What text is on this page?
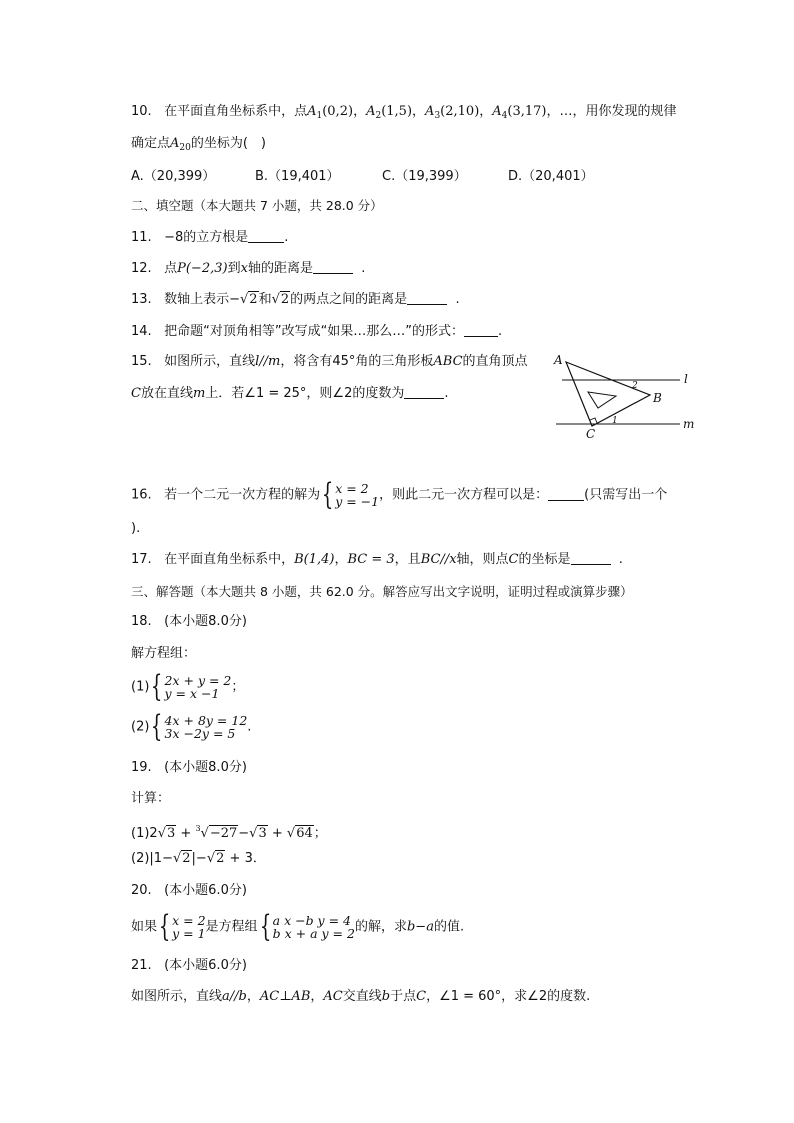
10. 在平面直角坐标系中，点$A_1(0,2)$，$A_2(1,5)$，$A_3(2,10)$，$A_4(3,17)$，…，用你发现的规律
确定点$A_{20}$的坐标为(　)
A.（20,399）	B.（19,401）	C.（19,399）	D.（20,401）
二、填空题（本大题共 7 小题，共 28.0 分）
11. −8的立方根是	.
12. 点P(−2,3)到x轴的距离是	.
13. 数轴上表示−√2和√2的两点之间的距离是	.
14. 把命题“对顶角相等”改写成“如果…那么…”的形式：	.
15. 如图所示，直线l//m，将含有45°角的三角形板ABC的直角顶点
C放在直线m上．若∠1 = 25°，则∠2的度数为	.
A
B
C
l
m
1
2
16. 若一个二元一次方程的解为 { x = 2
y = −1 ，则此二元一次方程可以是：	(只需写出一个
).
17. 在平面直角坐标系中，B(1,4)，BC = 3，且BC//x轴，则点C的坐标是	.
三、解答题（本大题共 8 小题，共 62.0 分。解答应写出文字说明，证明过程或演算步骤）
18. (本小题8.0分)
解方程组：
(1) { 2x + y = 2
y = x −1 ；
(2) { 4x + 8y = 12
3x −2y = 5 .
19. (本小题8.0分)
计算：
(1)2√3 + $^3$√−27−√3 + √64；
(2)|1−√2|−√2 + 3．
20. (本小题6.0分)
如果 { x = 2
y = 1 是方程组 { a x −b y = 4
b x + a y = 2 的解，求b−a的值.
21. (本小题6.0分)
如图所示，直线a//b，AC⊥AB，AC交直线b于点C，∠1 = 60°，求∠2的度数.
